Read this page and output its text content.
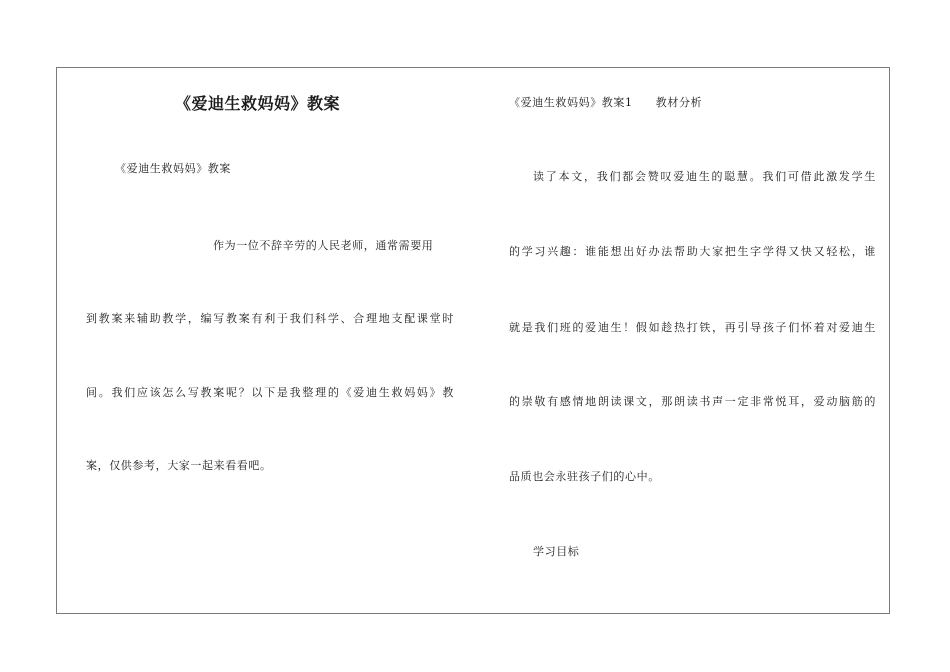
《爱迪生救妈妈》教案
《爱迪生救妈妈》教案
作为一位不辞辛劳的人民老师，通常需要用
到教案来辅助教学，编写教案有利于我们科学、合理地支配课堂时
间。我们应该怎么写教案呢？以下是我整理的《爱迪生救妈妈》教
案，仅供参考，大家一起来看看吧。
《爱迪生救妈妈》教案1　　教材分析
读了本文，我们都会赞叹爱迪生的聪慧。我们可借此激发学生
的学习兴趣：谁能想出好办法帮助大家把生字学得又快又轻松，谁
就是我们班的爱迪生！假如趁热打铁，再引导孩子们怀着对爱迪生
的崇敬有感情地朗读课文，那朗读书声一定非常悦耳，爱动脑筋的
品质也会永驻孩子们的心中。
学习目标
